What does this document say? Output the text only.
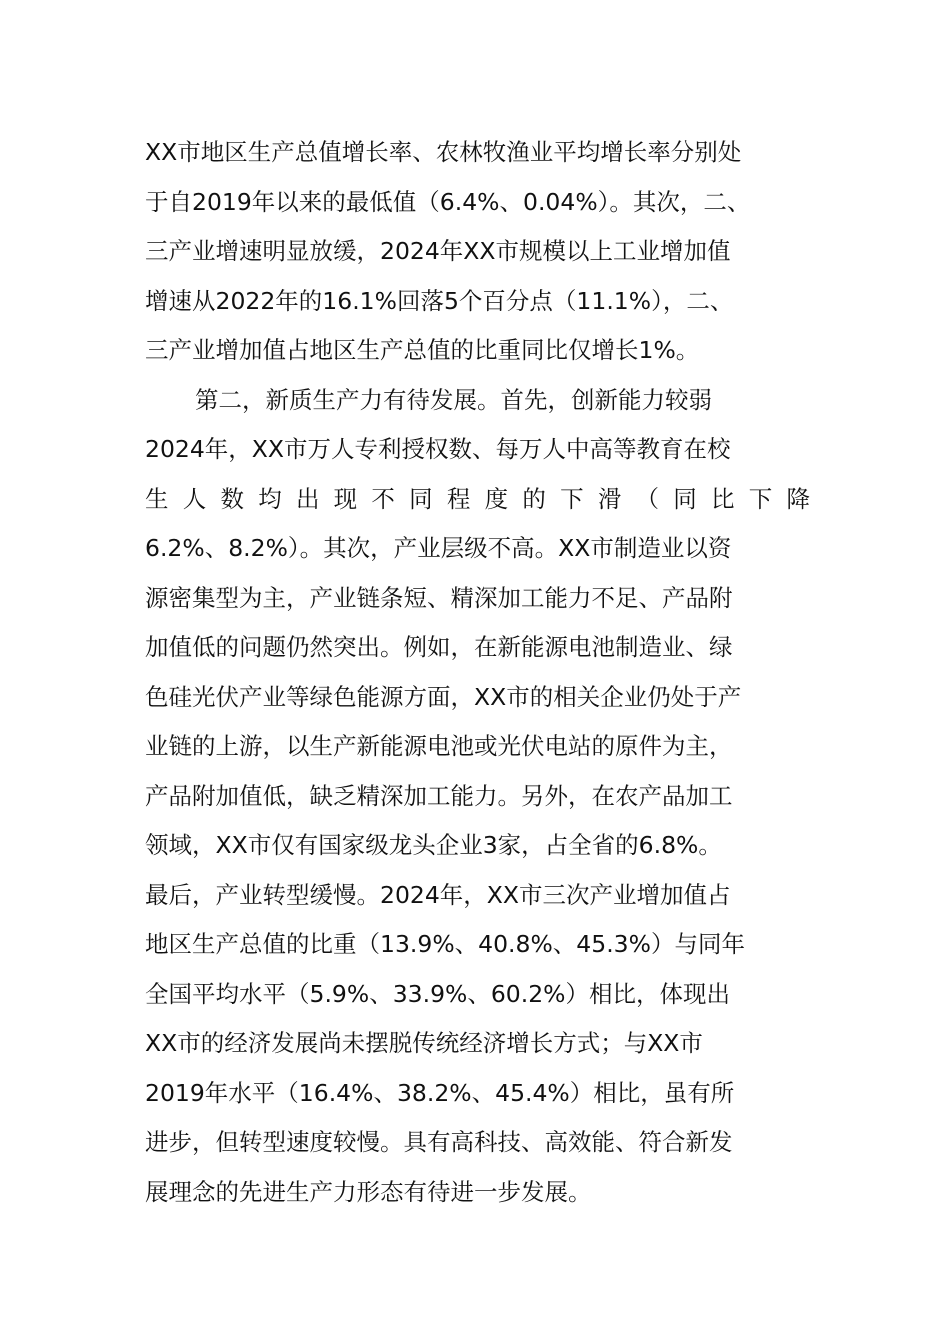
XX市地区生产总值增长率、农林牧渔业平均增长率分别处
于自2019年以来的最低值（6.4%、0.04%）。其次，二、
三产业增速明显放缓，2024年XX市规模以上工业增加值
增速从2022年的16.1%回落5个百分点（11.1%），二、
三产业增加值占地区生产总值的比重同比仅增长1%。
第二，新质生产力有待发展。首先，创新能力较弱
2024年，XX市万人专利授权数、每万人中高等教育在校
生 人 数 均 出 现 不 同 程 度 的 下 滑 （ 同 比 下 降
6.2%、8.2%）。其次，产业层级不高。XX市制造业以资
源密集型为主，产业链条短、精深加工能力不足、产品附
加值低的问题仍然突出。例如，在新能源电池制造业、绿
色硅光伏产业等绿色能源方面，XX市的相关企业仍处于产
业链的上游，以生产新能源电池或光伏电站的原件为主，
产品附加值低，缺乏精深加工能力。另外，在农产品加工
领域，XX市仅有国家级龙头企业3家，占全省的6.8%。
最后，产业转型缓慢。2024年，XX市三次产业增加值占
地区生产总值的比重（13.9%、40.8%、45.3%）与同年
全国平均水平（5.9%、33.9%、60.2%）相比，体现出
XX市的经济发展尚未摆脱传统经济增长方式；与XX市
2019年水平（16.4%、38.2%、45.4%）相比，虽有所
进步，但转型速度较慢。具有高科技、高效能、符合新发
展理念的先进生产力形态有待进一步发展。
